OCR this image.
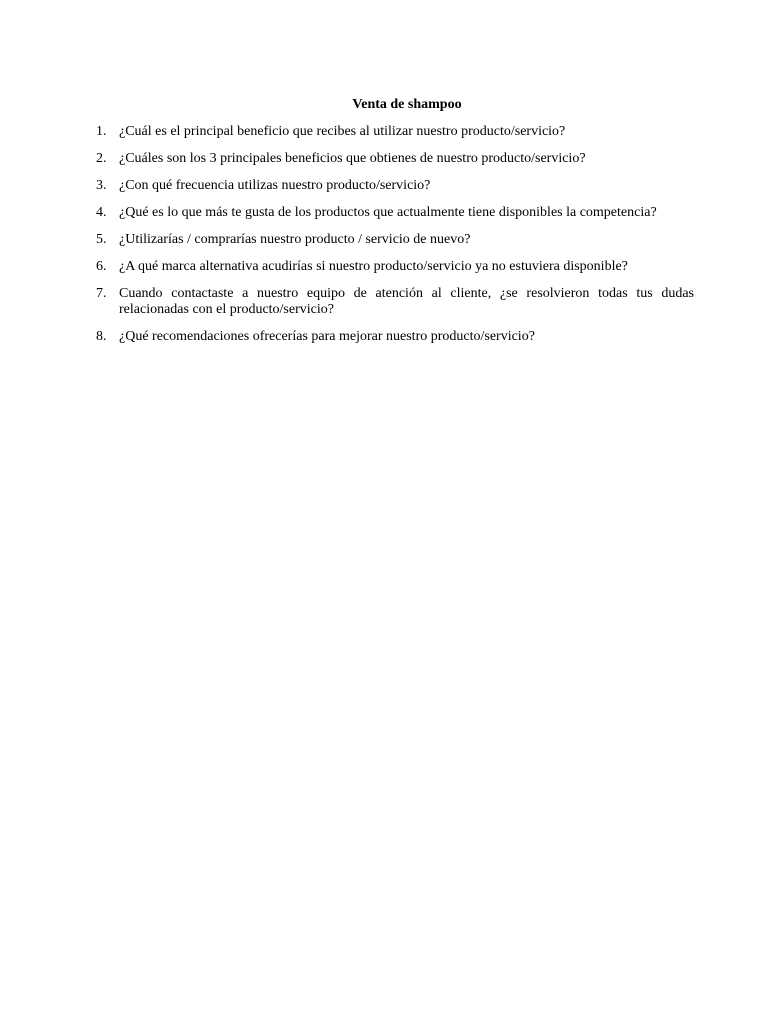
Venta de shampoo
1. ¿Cuál es el principal beneficio que recibes al utilizar nuestro producto/servicio?
2. ¿Cuáles son los 3 principales beneficios que obtienes de nuestro producto/servicio?
3. ¿Con qué frecuencia utilizas nuestro producto/servicio?
4. ¿Qué es lo que más te gusta de los productos que actualmente tiene disponibles la competencia?
5. ¿Utilizarías / comprarías nuestro producto / servicio de nuevo?
6. ¿A qué marca alternativa acudirías si nuestro producto/servicio ya no estuviera disponible?
7. Cuando contactaste a nuestro equipo de atención al cliente, ¿se resolvieron todas tus dudas relacionadas con el producto/servicio?
8. ¿Qué recomendaciones ofrecerías para mejorar nuestro producto/servicio?
